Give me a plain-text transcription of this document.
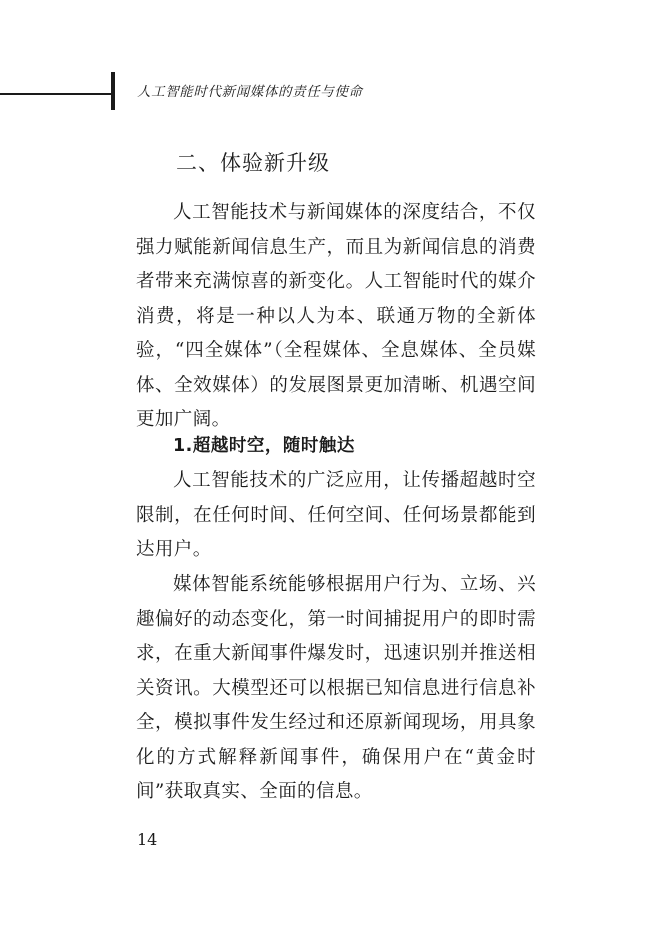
人工智能时代新闻媒体的责任与使命
二、体验新升级
人工智能技术与新闻媒体的深度结合，不仅
强力赋能新闻信息生产，而且为新闻信息的消费
者带来充满惊喜的新变化。人工智能时代的媒介
消费，将是一种以人为本、联通万物的全新体
验，“四全媒体”（全程媒体、全息媒体、全员媒
体、全效媒体）的发展图景更加清晰、机遇空间
更加广阔。
1.超越时空，随时触达
人工智能技术的广泛应用，让传播超越时空
限制，在任何时间、任何空间、任何场景都能到
达用户。
媒体智能系统能够根据用户行为、立场、兴
趣偏好的动态变化，第一时间捕捉用户的即时需
求，在重大新闻事件爆发时，迅速识别并推送相
关资讯。大模型还可以根据已知信息进行信息补
全，模拟事件发生经过和还原新闻现场，用具象
化的方式解释新闻事件，确保用户在“黄金时
间”获取真实、全面的信息。
14
